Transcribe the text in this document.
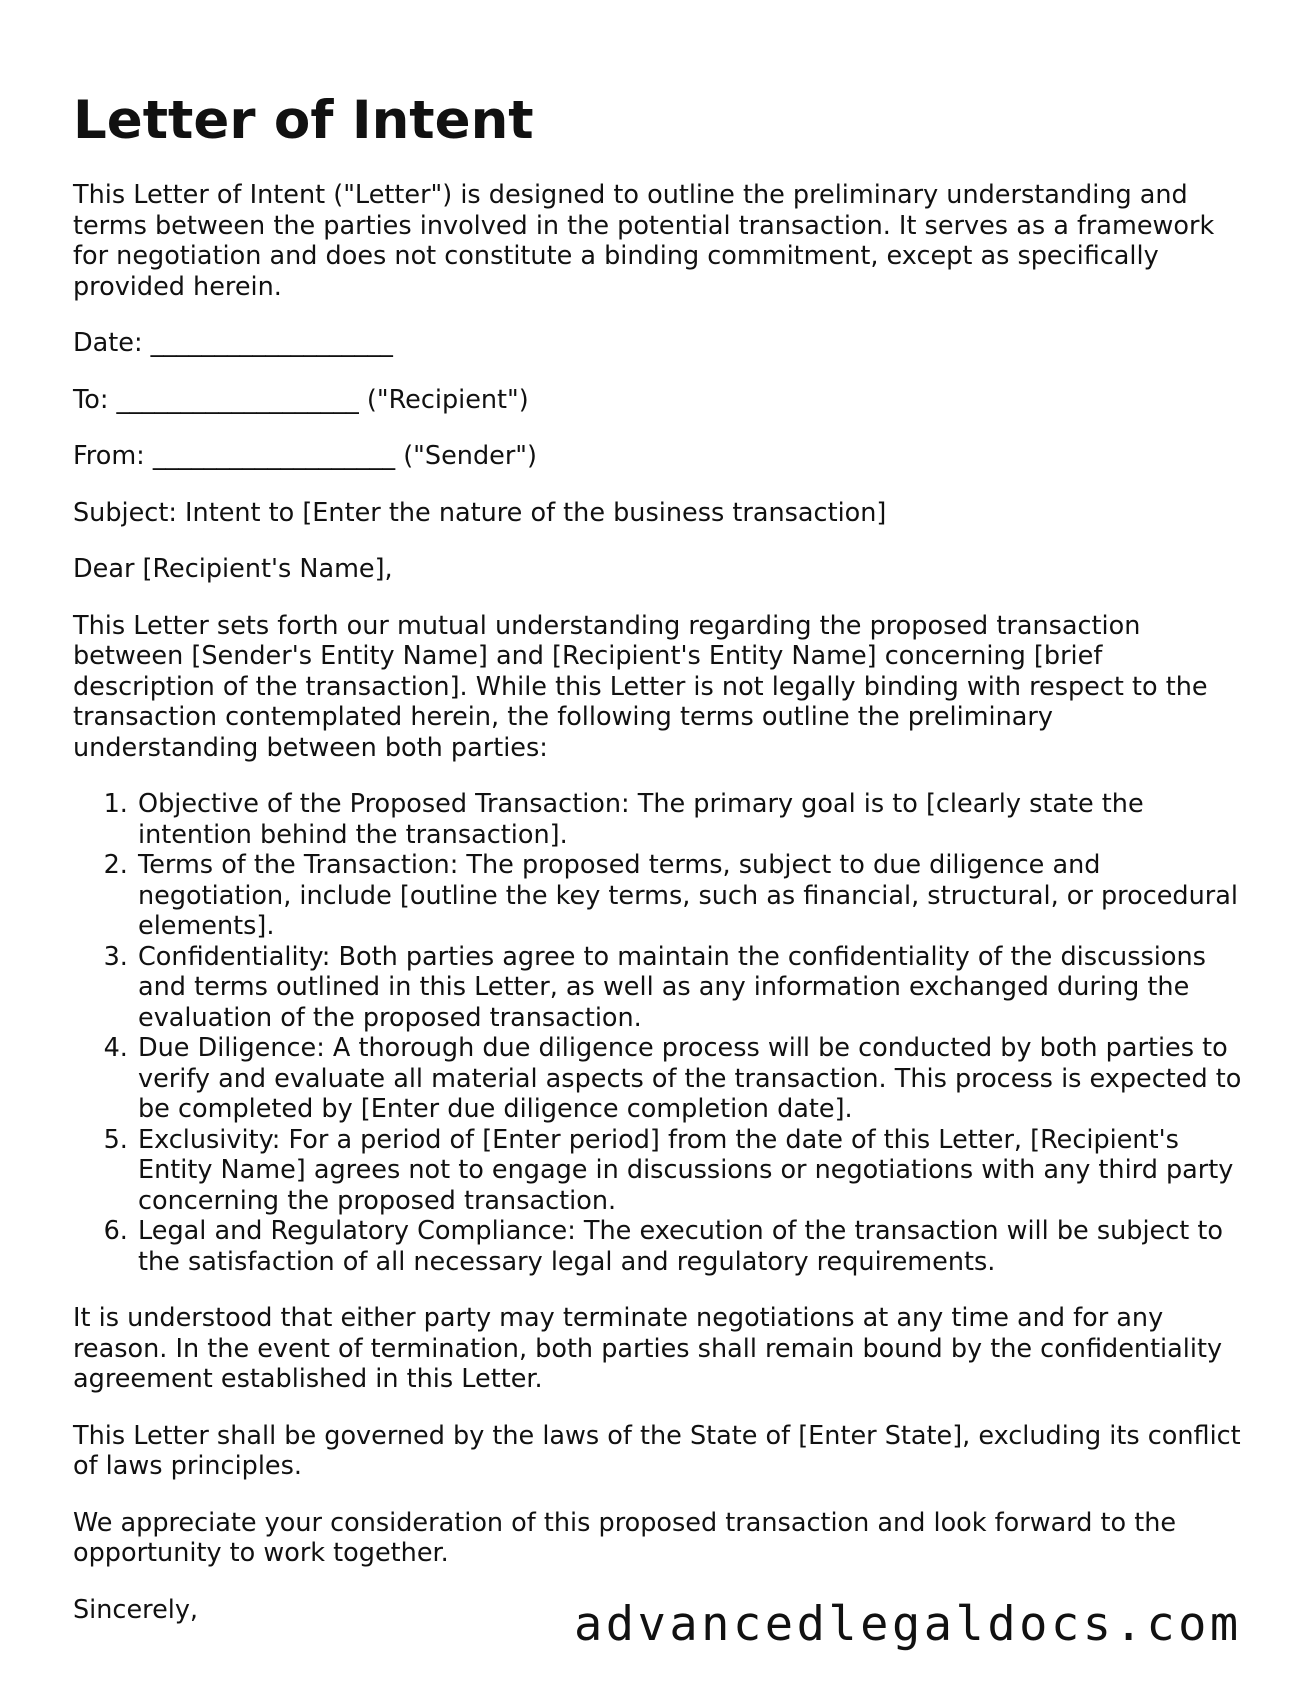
Letter of Intent

This Letter of Intent ("Letter") is designed to outline the preliminary understanding and terms between the parties involved in the potential transaction. It serves as a framework for negotiation and does not constitute a binding commitment, except as specifically provided herein.

Date: ___________________

To: ___________________ ("Recipient")

From: ___________________ ("Sender")

Subject: Intent to [Enter the nature of the business transaction]

Dear [Recipient's Name],

This Letter sets forth our mutual understanding regarding the proposed transaction between [Sender's Entity Name] and [Recipient's Entity Name] concerning [brief description of the transaction]. While this Letter is not legally binding with respect to the transaction contemplated herein, the following terms outline the preliminary understanding between both parties:

1. Objective of the Proposed Transaction: The primary goal is to [clearly state the intention behind the transaction].
2. Terms of the Transaction: The proposed terms, subject to due diligence and negotiation, include [outline the key terms, such as financial, structural, or procedural elements].
3. Confidentiality: Both parties agree to maintain the confidentiality of the discussions and terms outlined in this Letter, as well as any information exchanged during the evaluation of the proposed transaction.
4. Due Diligence: A thorough due diligence process will be conducted by both parties to verify and evaluate all material aspects of the transaction. This process is expected to be completed by [Enter due diligence completion date].
5. Exclusivity: For a period of [Enter period] from the date of this Letter, [Recipient's Entity Name] agrees not to engage in discussions or negotiations with any third party concerning the proposed transaction.
6. Legal and Regulatory Compliance: The execution of the transaction will be subject to the satisfaction of all necessary legal and regulatory requirements.

It is understood that either party may terminate negotiations at any time and for any reason. In the event of termination, both parties shall remain bound by the confidentiality agreement established in this Letter.

This Letter shall be governed by the laws of the State of [Enter State], excluding its conflict of laws principles.

We appreciate your consideration of this proposed transaction and look forward to the opportunity to work together.

Sincerely,	advancedlegaldocs.com
